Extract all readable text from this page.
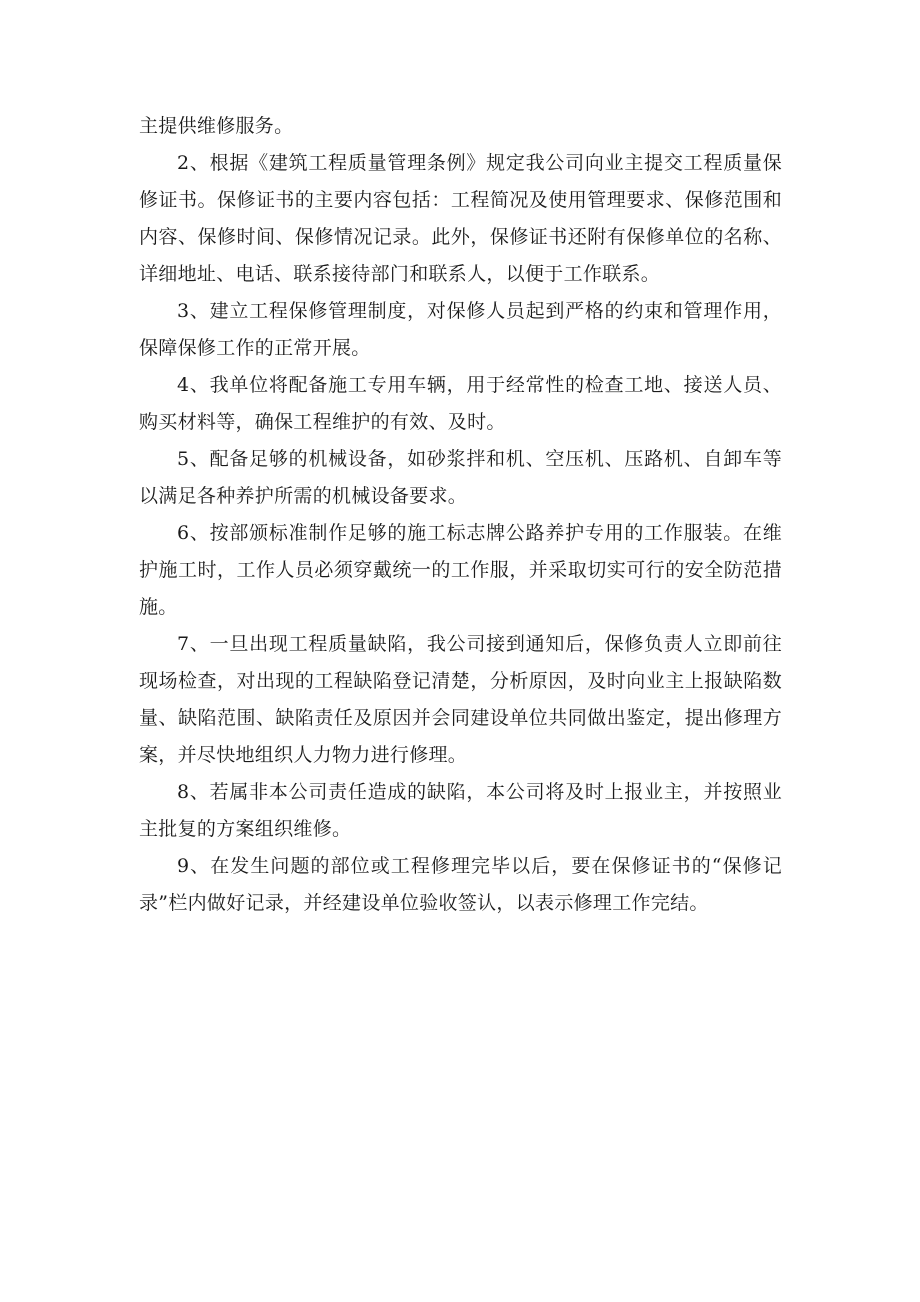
主提供维修服务。

2、根据《建筑工程质量管理条例》规定我公司向业主提交工程质量保修证书。保修证书的主要内容包括：工程简况及使用管理要求、保修范围和内容、保修时间、保修情况记录。此外，保修证书还附有保修单位的名称、详细地址、电话、联系接待部门和联系人，以便于工作联系。

3、建立工程保修管理制度，对保修人员起到严格的约束和管理作用，保障保修工作的正常开展。

4、我单位将配备施工专用车辆，用于经常性的检查工地、接送人员、购买材料等，确保工程维护的有效、及时。

5、配备足够的机械设备，如砂浆拌和机、空压机、压路机、自卸车等以满足各种养护所需的机械设备要求。

6、按部颁标准制作足够的施工标志牌公路养护专用的工作服装。在维护施工时，工作人员必须穿戴统一的工作服，并采取切实可行的安全防范措施。

7、一旦出现工程质量缺陷，我公司接到通知后，保修负责人立即前往现场检查，对出现的工程缺陷登记清楚，分析原因，及时向业主上报缺陷数量、缺陷范围、缺陷责任及原因并会同建设单位共同做出鉴定，提出修理方案，并尽快地组织人力物力进行修理。

8、若属非本公司责任造成的缺陷，本公司将及时上报业主，并按照业主批复的方案组织维修。

9、在发生问题的部位或工程修理完毕以后，要在保修证书的“保修记录”栏内做好记录，并经建设单位验收签认，以表示修理工作完结。
